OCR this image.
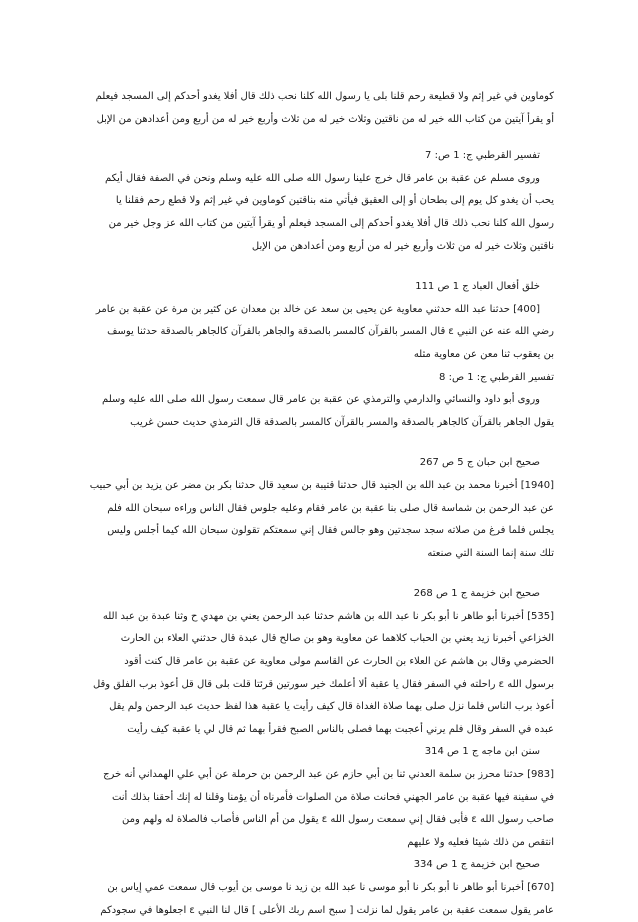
كوماوين في غير إثم ولا قطيعة رحم قلنا بلى يا رسول الله كلنا نحب ذلك قال أفلا يغدو أحدكم إلى المسجد فيعلم
أو يقرأ آيتين من كتاب الله خير له من ناقتين وثلاث خير له من ثلاث وأربع خير له من أربع ومن أعدادهن من الإبل
تفسير القرطبي ج: 1 ص: 7
وروى مسلم عن عقبة بن عامر قال خرج علينا رسول الله صلى الله عليه وسلم ونحن في الصفة فقال أيكم
يحب أن يغدو كل يوم إلى بطحان أو إلى العقيق فيأتي منه بناقتين كوماوين في غير إثم ولا قطع رحم فقلنا يا
رسول الله كلنا نحب ذلك قال أفلا يغدو أحدكم إلى المسجد فيعلم أو يقرأ آيتين من كتاب الله عز وجل خير من
ناقتين وثلاث خير له من ثلاث وأربع خير له من أربع ومن أعدادهن من الإبل
خلق أفعال العباد ج 1 ص 111
[400] حدثنا عبد الله حدثني معاوية عن يحيى بن سعد عن خالد بن معدان عن كثير بن مرة عن عقبة بن عامر
رضي الله عنه عن النبي ε قال المسر بالقرآن كالمسر بالصدقة والجاهر بالقرآن كالجاهر بالصدقة حدثنا يوسف
بن يعقوب ثنا معن عن معاوية مثله
تفسير القرطبي ج: 1 ص: 8
وروى أبو داود والنسائي والدارمي والترمذي عن عقبة بن عامر قال سمعت رسول الله صلى الله عليه وسلم
يقول الجاهر بالقرآن كالجاهر بالصدقة والمسر بالقرآن كالمسر بالصدقة قال الترمذي حديث حسن غريب
صحيح ابن حبان ج 5 ص 267
[1940] أخبرنا محمد بن عبد الله بن الجنيد قال حدثنا قتيبة بن سعيد قال حدثنا بكر بن مضر عن يزيد بن أبي حبيب
عن عبد الرحمن بن شماسة قال صلى بنا عقبة بن عامر فقام وعليه جلوس فقال الناس وراءه سبحان الله فلم
يجلس فلما فرغ من صلاته سجد سجدتين وهو جالس فقال إني سمعتكم تقولون سبحان الله كيما أجلس وليس
تلك سنة إنما السنة التي صنعته
صحيح ابن خزيمة ج 1 ص 268
[535] أخبرنا أبو طاهر نا أبو بكر نا عبد الله بن هاشم حدثنا عبد الرحمن يعني بن مهدي ح وثنا عبدة بن عبد الله
الخزاعي أخبرنا زيد يعني بن الحباب كلاهما عن معاوية وهو بن صالح قال عبدة قال حدثني العلاء بن الحارث
الحضرمي وقال بن هاشم عن العلاء بن الحارث عن القاسم مولى معاوية عن عقبة بن عامر قال كنت أقود
برسول الله ε راحلته في السفر فقال يا عقبة ألا أعلمك خير سورتين قرئتا قلت بلى قال قل أعوذ برب الفلق وقل
أعوذ برب الناس فلما نزل صلى بهما صلاة الغداة قال كيف رأيت يا عقبة هذا لفظ حديث عبد الرحمن ولم يقل
عبده في السفر وقال فلم يرني أعجبت بهما فصلى بالناس الصبح فقرأ بهما ثم قال لي يا عقبة كيف رأيت
سنن ابن ماجه ج 1 ص 314
[983] حدثنا محرز بن سلمة العدني ثنا بن أبي حازم عن عبد الرحمن بن حرملة عن أبي علي الهمداني أنه خرج
في سفينة فيها عقبة بن عامر الجهني فحانت صلاة من الصلوات فأمرناه أن يؤمنا وقلنا له إنك أحقنا بذلك أنت
صاحب رسول الله ε فأبى فقال إني سمعت رسول الله ε يقول من أم الناس فأصاب فالصلاة له ولهم ومن
انتقص من ذلك شيئا فعليه ولا عليهم
صحيح ابن خزيمة ج 1 ص 334
[670] أخبرنا أبو طاهر نا أبو بكر نا أبو موسى نا عبد الله بن زيد نا موسى بن أيوب قال سمعت عمي إياس بن
عامر يقول سمعت عقبة بن عامر يقول لما نزلت [ سبح اسم ربك الأعلى ] قال لنا النبي ε اجعلوها في سجودكم
